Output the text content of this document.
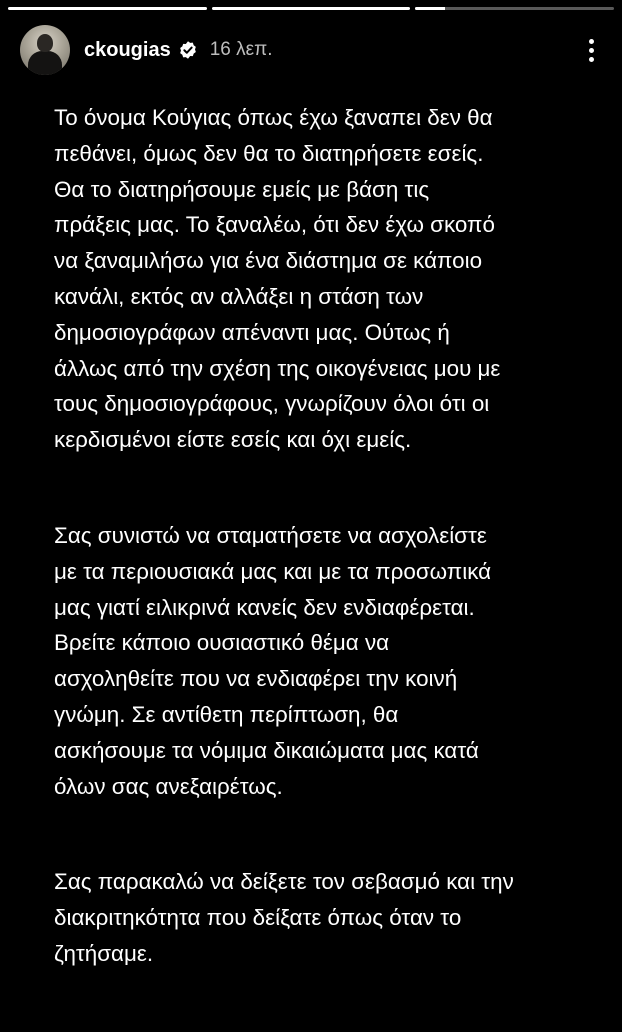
ckougias 16 λεπ.

Το όνομα Κούγιας όπως έχω ξαναπει δεν θα
πεθάνει, όμως δεν θα το διατηρήσετε εσείς.
Θα το διατηρήσουμε εμείς με βάση τις
πράξεις μας. Το ξαναλέω, ότι δεν έχω σκοπό
να ξαναμιλήσω για ένα διάστημα σε κάποιο
κανάλι, εκτός αν αλλάξει η στάση των
δημοσιογράφων απέναντι μας. Ούτως ή
άλλως από την σχέση της οικογένειας μου με
τους δημοσιογράφους, γνωρίζουν όλοι ότι οι
κερδισμένοι είστε εσείς και όχι εμείς.

Σας συνιστώ να σταματήσετε να ασχολείστε
με τα περιουσιακά μας και με τα προσωπικά
μας γιατί ειλικρινά κανείς δεν ενδιαφέρεται.
Βρείτε κάποιο ουσιαστικό θέμα να
ασχοληθείτε που να ενδιαφέρει την κοινή
γνώμη. Σε αντίθετη περίπτωση, θα
ασκήσουμε τα νόμιμα δικαιώματα μας κατά
όλων σας ανεξαιρέτως.

Σας παρακαλώ να δείξετε τον σεβασμό και την
διακριτηκότητα που δείξατε όπως όταν το
ζητήσαμε.
